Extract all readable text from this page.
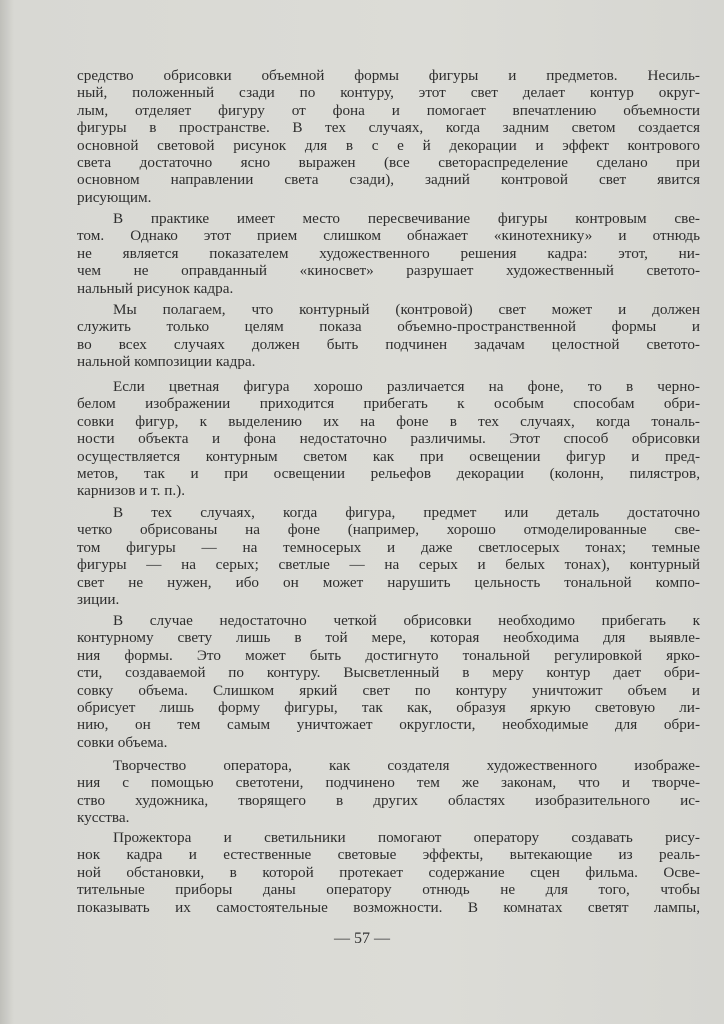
средство обрисовки объемной формы фигуры и предметов. Несиль-
ный, положенный сзади по контуру, этот свет делает контур округ-
лым, отделяет фигуру от фона и помогает впечатлению объемности
фигуры в пространстве. В тех случаях, когда задним светом создается
основной световой рисунок для в с е й декорации и эффект контрового
света достаточно ясно выражен (все светораспределение сделано при
основном направлении света сзади), задний контровой свет явится
рисующим.
В практике имеет место пересвечивание фигуры контровым све-
том. Однако этот прием слишком обнажает «кинотехнику» и отнюдь
не является показателем художественного решения кадра: этот, ни-
чем не оправданный «киносвет» разрушает художественный светото-
нальный рисунок кадра.
Мы полагаем, что контурный (контровой) свет может и должен
служить только целям показа объемно-пространственной формы и
во всех случаях должен быть подчинен задачам целостной светото-
нальной композиции кадра.
Если цветная фигура хорошо различается на фоне, то в черно-
белом изображении приходится прибегать к особым способам обри-
совки фигур, к выделению их на фоне в тех случаях, когда тональ-
ности объекта и фона недостаточно различимы. Этот способ обрисовки
осуществляется контурным светом как при освещении фигур и пред-
метов, так и при освещении рельефов декорации (колонн, пилястров,
карнизов и т. п.).
В тех случаях, когда фигура, предмет или деталь достаточно
четко обрисованы на фоне (например, хорошо отмоделированные све-
том фигуры — на темносерых и даже светлосерых тонах; темные
фигуры — на серых; светлые — на серых и белых тонах), контурный
свет не нужен, ибо он может нарушить цельность тональной компо-
зиции.
В случае недостаточно четкой обрисовки необходимо прибегать к
контурному свету лишь в той мере, которая необходима для выявле-
ния формы. Это может быть достигнуто тональной регулировкой ярко-
сти, создаваемой по контуру. Высветленный в меру контур дает обри-
совку объема. Слишком яркий свет по контуру уничтожит объем и
обрисует лишь форму фигуры, так как, образуя яркую световую ли-
нию, он тем самым уничтожает округлости, необходимые для обри-
совки объема.
Творчество оператора, как создателя художественного изображе-
ния с помощью светотени, подчинено тем же законам, что и творче-
ство художника, творящего в других областях изобразительного ис-
кусства.
Прожектора и светильники помогают оператору создавать рису-
нок кадра и естественные световые эффекты, вытекающие из реаль-
ной обстановки, в которой протекает содержание сцен фильма. Осве-
тительные приборы даны оператору отнюдь не для того, чтобы
показывать их самостоятельные возможности. В комнатах светят лампы,
— 57 —
